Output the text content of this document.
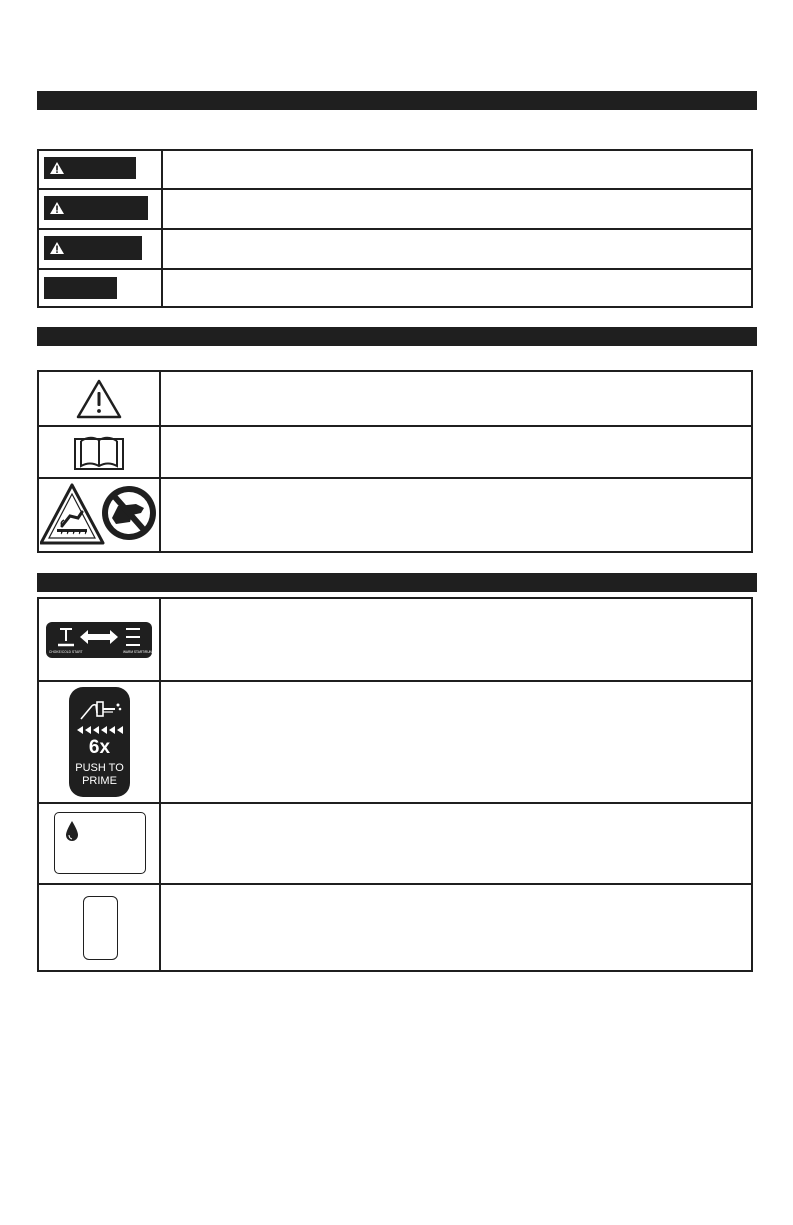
CHOKE/COLD START	WARM START/RUN
6x
PUSH TO
PRIME
